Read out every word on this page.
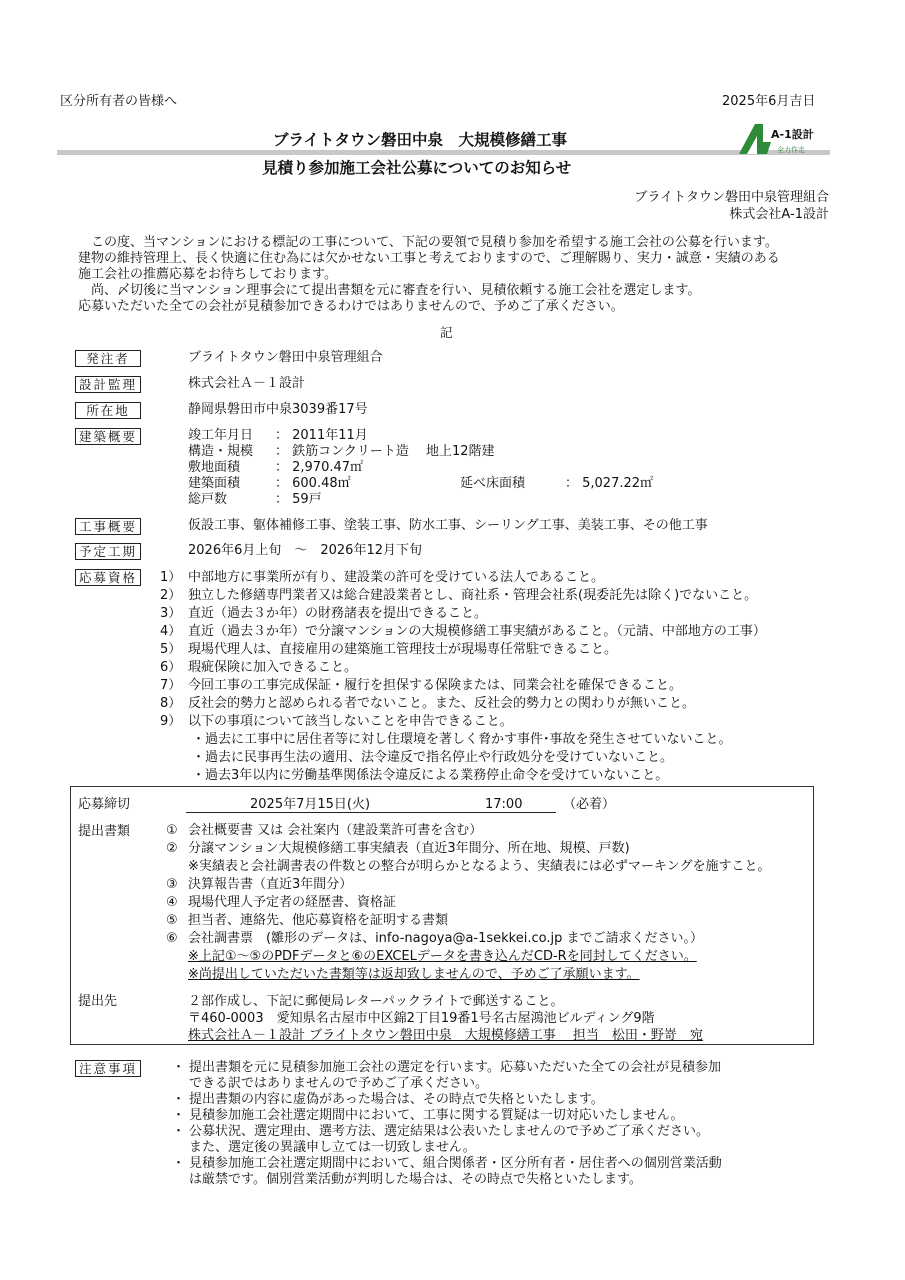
区分所有者の皆様へ	2025年6月吉日
ブライトタウン磐田中泉　大規模修繕工事
見積り参加施工会社公募についてのお知らせ
A-1設計
全力作走
ブライトタウン磐田中泉管理組合
株式会社A-1設計
　この度、当マンションにおける標記の工事について、下記の要領で見積り参加を希望する施工会社の公募を行います。
建物の維持管理上、長く快適に住む為には欠かせない工事と考えておりますので、ご理解賜り、実力・誠意・実績のある
施工会社の推薦応募をお待ちしております。
　尚、〆切後に当マンション理事会にて提出書類を元に審査を行い、見積依頼する施工会社を選定します。
応募いただいた全ての会社が見積参加できるわけではありませんので、予めご了承ください。
記
発注者	ブライトタウン磐田中泉管理組合
設計監理	株式会社Ａ－１設計
所在地	静岡県磐田市中泉3039番17号
建築概要	竣工年月日 ： 2011年11月
構造・規模 ： 鉄筋コンクリート造　 地上12階建
敷地面積	： 2,970.47㎡
建築面積	： 600.48㎡	延べ床面積	： 5,027.22㎡
総戸数	： 59戸
工事概要	仮設工事、躯体補修工事、塗装工事、防水工事、シーリング工事、美装工事、その他工事
予定工期	2026年6月上旬　～　2026年12月下旬
応募資格	1） 中部地方に事業所が有り、建設業の許可を受けている法人であること。
2） 独立した修繕専門業者又は総合建設業者とし、商社系・管理会社系(現委託先は除く)でないこと。
3） 直近（過去３か年）の財務諸表を提出できること。
4） 直近（過去３か年）で分譲マンションの大規模修繕工事実績があること。（元請、中部地方の工事）
5） 現場代理人は、直接雇用の建築施工管理技士が現場専任常駐できること。
6） 瑕疵保険に加入できること。
7） 今回工事の工事完成保証・履行を担保する保険または、同業会社を確保できること。
8） 反社会的勢力と認められる者でないこと。また、反社会的勢力との関わりが無いこと。
9） 以下の事項について該当しないことを申告できること。
・過去に工事中に居住者等に対し住環境を著しく脅かす事件･事故を発生させていないこと。
・過去に民事再生法の適用、法令違反で指名停止や行政処分を受けていないこと。
・過去3年以内に労働基準関係法令違反による業務停止命令を受けていないこと。
応募締切	2025年7月15日(火)	17:00	（必着）
提出書類	① 会社概要書 又は 会社案内（建設業許可書を含む）
② 分譲マンション大規模修繕工事実績表（直近3年間分、所在地、規模、戸数)
※実績表と会社調書表の件数との整合が明らかとなるよう、実績表には必ずマーキングを施すこと。
③ 決算報告書（直近3年間分）
④ 現場代理人予定者の経歴書、資格証
⑤ 担当者、連絡先、他応募資格を証明する書類
⑥ 会社調書票　(雛形のデータは、info-nagoya@a-1sekkei.co.jp までご請求ください。）
※上記①～⑤のPDFデータと⑥のEXCELデータを書き込んだCD-Rを同封してください。
※尚提出していただいた書類等は返却致しませんので、予めご了承願います。
提出先	２部作成し、下記に郵便局レターパックライトで郵送すること。
〒460-0003　愛知県名古屋市中区錦2丁目19番1号名古屋鴻池ビルディング9階
株式会社Ａ－１設計 ブライトタウン磐田中泉　大規模修繕工事　 担当　松田・野嵜　宛
注意事項	・ 提出書類を元に見積参加施工会社の選定を行います。応募いただいた全ての会社が見積参加
できる訳ではありませんので予めご了承ください。
・ 提出書類の内容に虚偽があった場合は、その時点で失格といたします。
・ 見積参加施工会社選定期間中において、工事に関する質疑は一切対応いたしません。
・ 公募状況、選定理由、選考方法、選定結果は公表いたしませんので予めご了承ください。
また、選定後の異議申し立ては一切致しません。
・ 見積参加施工会社選定期間中において、組合関係者・区分所有者・居住者への個別営業活動
は厳禁です。個別営業活動が判明した場合は、その時点で失格といたします。
